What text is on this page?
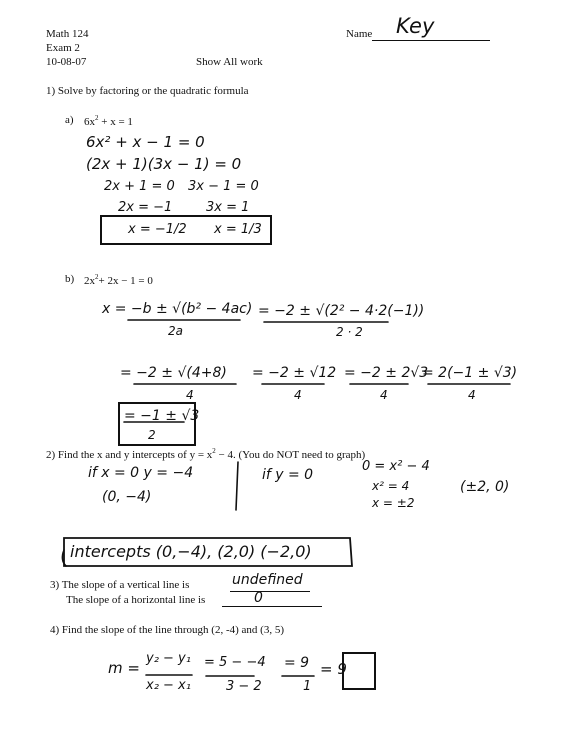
Math 124
Exam 2
10-08-07	Show All work
Name Key
1) Solve by factoring or the quadratic formula
a) $6x^2 + x = 1$
6x² + x − 1 = 0
(2x + 1)(3x − 1) = 0
2x + 1 = 0 3x − 1 = 0
2x = −1	3x = 1
x = −1/2 x = 1/3
b) $2x^2+ 2x - 1 = 0$
x = −b ± √(b² − 4ac)
2a
= −2 ± √(2² − 4·2(−1))
2 · 2
= −2 ± √(4+8)
4
= −2 ± √12
4
= −2 ± 2√3
4
= 2(−1 ± √3)
4
= −1 ± √3
2
2) Find the x and y intercepts of $y = x^2 - 4$. (You do NOT need to graph)
if x = 0 y = −4
(0, −4)
if y = 0
0 = x² − 4
x² = 4
x = ±2
(±2, 0)
intercepts (0,−4), (2,0) (−2,0)
3) The slope of a vertical line is	undefined
The slope of a horizontal line is	0
4) Find the slope of the line through (2, -4) and (3, 5)
m =
y₂ − y₁
x₂ − x₁
= 5 − −4
3 − 2
= 9
1
= 9
